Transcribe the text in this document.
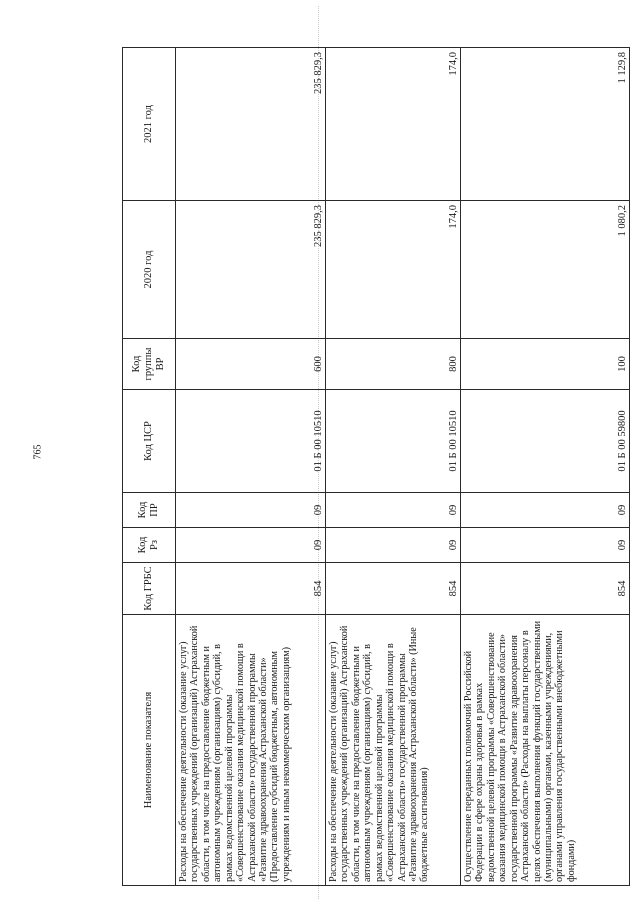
765
Наименование показателя	Код ГРБС	Код Рз	Код ПР	Код ЦСР	Код группы ВР	2020 год	2021 год
Расходы на обеспечение деятельности (оказание услуг) государственных учреждений (организаций) Астраханской области, в том числе на предоставление бюджетным и автономным учреждениям (организациям) субсидий, в рамках ведомственной целевой программы «Совершенствование оказания медицинской помощи в Астраханской области» государственной программы «Развитие здравоохранения Астраханской области» (Предоставление субсидий бюджетным, автономным учреждениям и иным некоммерческим организациям)	854	09	09	01 Б 00 10510	600	235 829,3	235 829,3
Расходы на обеспечение деятельности (оказание услуг) государственных учреждений (организаций) Астраханской области, в том числе на предоставление бюджетным и автономным учреждениям (организациям) субсидий, в рамках ведомственной целевой программы «Совершенствование оказания медицинской помощи в Астраханской области» государственной программы «Развитие здравоохранения Астраханской области» (Иные бюджетные ассигнования)	854	09	09	01 Б 00 10510	800	174,0	174,0
Осуществление переданных полномочий Российской Федерации в сфере охраны здоровья в рамках ведомственной целевой программы «Совершенствование оказания медицинской помощи в Астраханской области» государственной программы «Развитие здравоохранения Астраханской области» (Расходы на выплаты персоналу в целях обеспечения выполнения функций государственными (муниципальными) органами, казенными учреждениями, органами управления государственными внебюджетными фондами)	854	09	09	01 Б 00 59800	100	1 080,2	1 129,8
